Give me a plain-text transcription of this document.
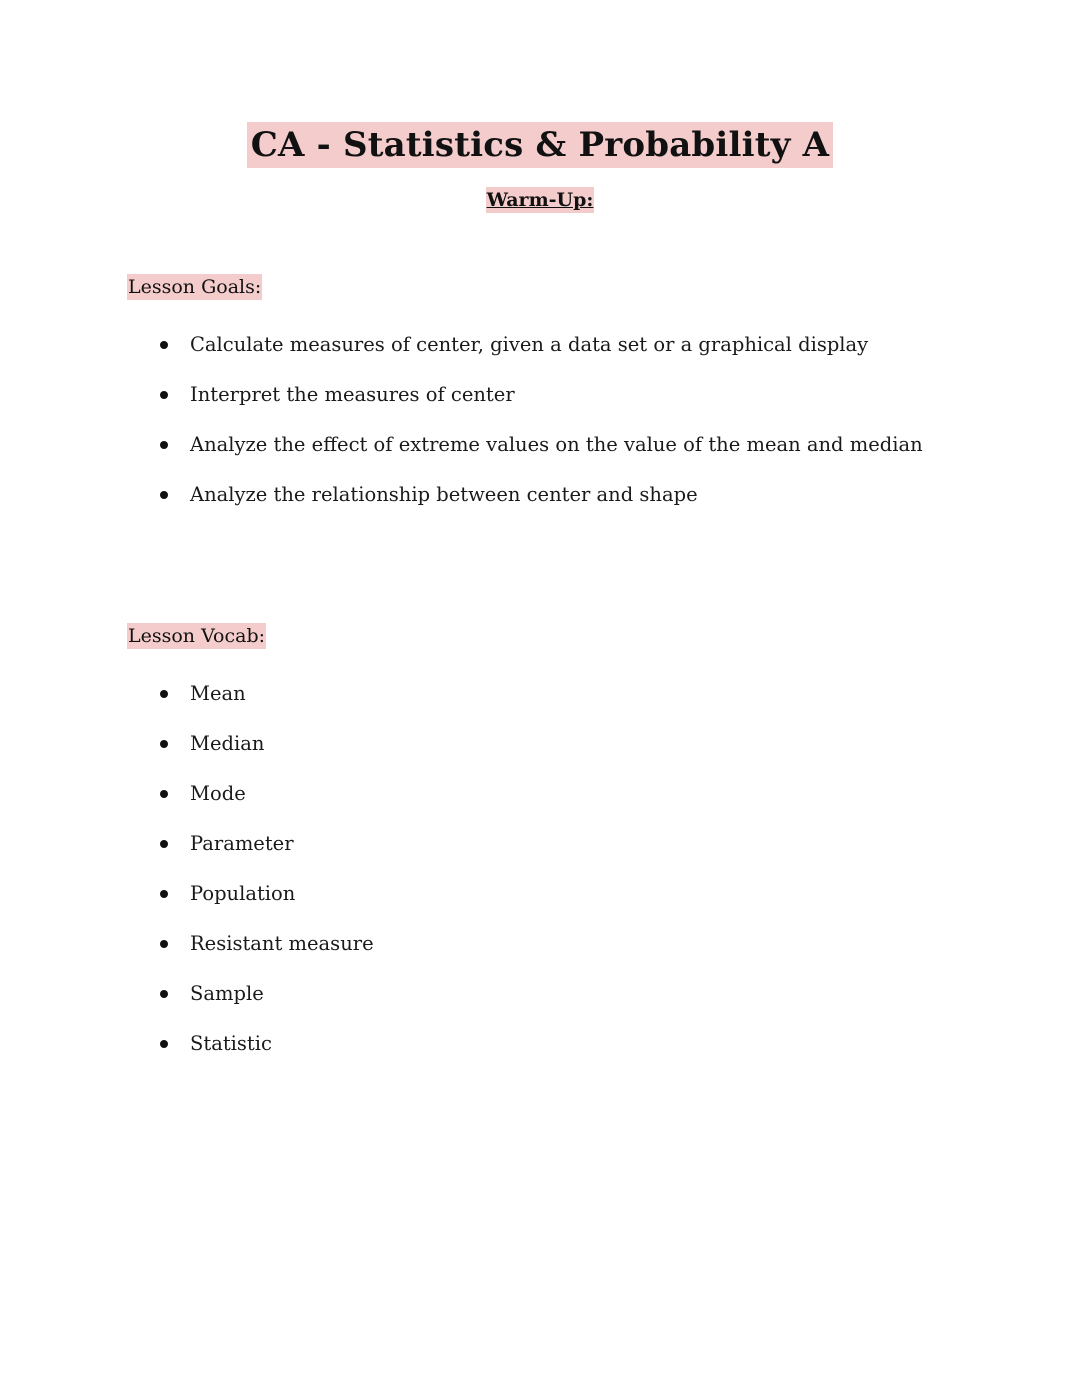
CA - Statistics & Probability A
Warm-Up:
Lesson Goals:
Calculate measures of center, given a data set or a graphical display
Interpret the measures of center
Analyze the effect of extreme values on the value of the mean and median
Analyze the relationship between center and shape
Lesson Vocab:
Mean
Median
Mode
Parameter
Population
Resistant measure
Sample
Statistic
